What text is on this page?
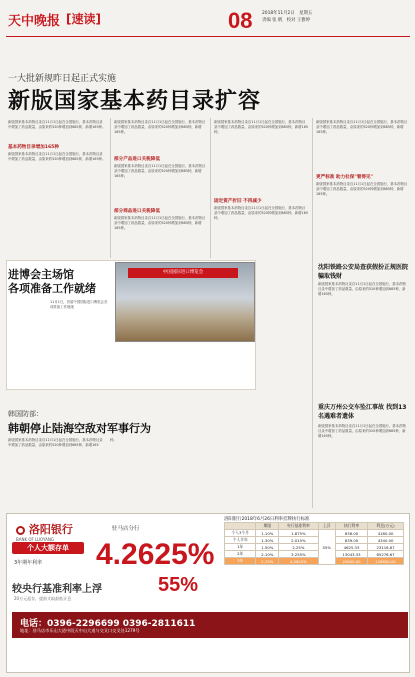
天中晚报 [速读]	08 2018年11月2日　星期五
责编 张 帆　校对 王雅婷
一大批新规昨日起正式实施
新版国家基本药目录扩容
新版国家基本药物目录自11月1日起在全国施行，基本药物目录中增加了药品数量，由原来的520种增加到685种，新增165种。
基本药物目录增加165种
新版国家基本药物目录自11月1日起在全国施行，基本药物目录中增加了药品数量，由原来的520种增加到685种，新增165种。
新版国家基本药物目录自11月1日起在全国施行，基本药物目录中增加了药品数量，由原来的520种增加到685种，新增165种。
部分产品进口关税降低
新版国家基本药物目录自11月1日起在全国施行，基本药物目录中增加了药品数量，由原来的520种增加到685种，新增165种。
部分商品进口关税降低
新版国家基本药物目录自11月1日起在全国施行，基本药物目录中增加了药品数量，由原来的520种增加到685种，新增165种。
新版国家基本药物目录自11月1日起在全国施行，基本药物目录中增加了药品数量，由原来的520种增加到685种，新增165种。
固定资产折旧 不再减少
新版国家基本药物目录自11月1日起在全国施行，基本药物目录中增加了药品数量，由原来的520种增加到685种，新增165种。
新版国家基本药物目录自11月1日起在全国施行，基本药物目录中增加了药品数量，由原来的520种增加到685种，新增165种。
更严标准 助力社保"看得见"
新版国家基本药物目录自11月1日起在全国施行，基本药物目录中增加了药品数量，由原来的520种增加到685种，新增165种。
进博会主场馆
各项准备工作就绪
11月1日，首届中国国际进口博览会各项准备工作就绪
中国国际进口博览会
韩国防部：
韩朝停止陆海空敌对军事行为
新版国家基本药物目录自11月1日起在全国施行，基本药物目录中增加了药品数量，由原来的520种增加到685种，新增165种。
沈阳铁路公安局查获假扮正规医院骗取钱财
新版国家基本药物目录自11月1日起在全国施行，基本药物目录中增加了药品数量，由原来的520种增加到685种，新增165种。
重庆万州公交车坠江事故 找到13名遇难者遗体
新版国家基本药物目录自11月1日起在全国施行，基本药物目录中增加了药品数量，由原来的520种增加到685种，新增165种。
洛阳银行
BANK OF LUOYANG
驻马店分行
个人大额存单
3年期年利率 4.2625%
较央行基准利率上浮	55%
20万元起存，提前支取最低计息
洛阳银行2018年6月26日利率挂牌执行标准
	期限	央行基准利率	上浮	执行利率	利息(万元)
个人3个月	1.10%	1.875%	55%	836.00	4180.00
个人半年	1.30%	2.015%		839.00	4340.00
1年	1.50%	2.25%		4625.33	23116.67
2年	2.10%	3.255%		13043.33	65276.67
3年	2.75%	4.2625%		25600.00	128600.00
电话：0396-2296699 0396-2811611
地址：驻马店市乐山大道中段天中山大道与交叉口交叉处1279号
